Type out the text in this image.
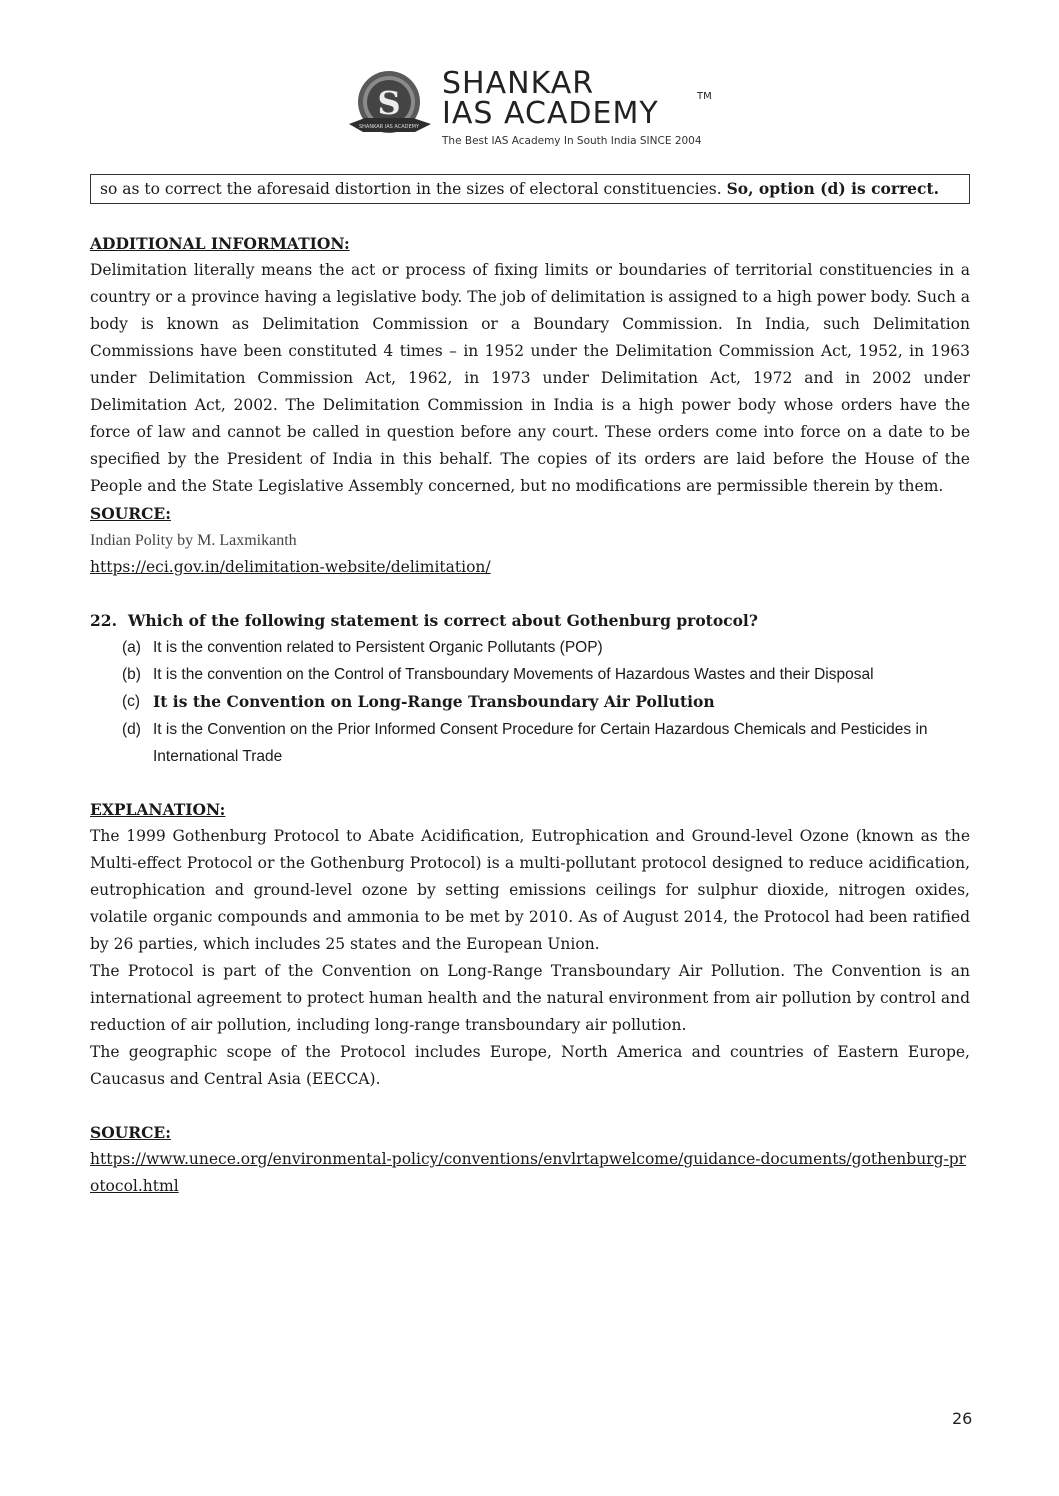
S
SHANKAR IAS ACADEMY
SHANKAR
IAS ACADEMY	TM
The Best IAS Academy In South India SINCE 2004
so as to correct the aforesaid distortion in the sizes of electoral constituencies. So, option (d) is correct.

ADDITIONAL INFORMATION:

Delimitation literally means the act or process of fixing limits or boundaries of territorial constituencies in a country or a province having a legislative body. The job of delimitation is assigned to a high power body. Such a body is known as Delimitation Commission or a Boundary Commission. In India, such Delimitation Commissions have been constituted 4 times – in 1952 under the Delimitation Commission Act, 1952, in 1963 under Delimitation Commission Act, 1962, in 1973 under Delimitation Act, 1972 and in 2002 under Delimitation Act, 2002. The Delimitation Commission in India is a high power body whose orders have the force of law and cannot be called in question before any court. These orders come into force on a date to be specified by the President of India in this behalf. The copies of its orders are laid before the House of the People and the State Legislative Assembly concerned, but no modifications are permissible therein by them.

SOURCE:

Indian Polity by M. Laxmikanth

https://eci.gov.in/delimitation-website/delimitation/

22. Which of the following statement is correct about Gothenburg protocol?

(a) It is the convention related to Persistent Organic Pollutants (POP)
(b) It is the convention on the Control of Transboundary Movements of Hazardous Wastes and their Disposal
(c) It is the Convention on Long-Range Transboundary Air Pollution
(d) It is the Convention on the Prior Informed Consent Procedure for Certain Hazardous Chemicals and Pesticides in International Trade

EXPLANATION:

The 1999 Gothenburg Protocol to Abate Acidification, Eutrophication and Ground-level Ozone (known as the Multi-effect Protocol or the Gothenburg Protocol) is a multi-pollutant protocol designed to reduce acidification, eutrophication and ground-level ozone by setting emissions ceilings for sulphur dioxide, nitrogen oxides, volatile organic compounds and ammonia to be met by 2010. As of August 2014, the Protocol had been ratified by 26 parties, which includes 25 states and the European Union.

The Protocol is part of the Convention on Long-Range Transboundary Air Pollution. The Convention is an international agreement to protect human health and the natural environment from air pollution by control and reduction of air pollution, including long-range transboundary air pollution.

The geographic scope of the Protocol includes Europe, North America and countries of Eastern Europe, Caucasus and Central Asia (EECCA).

SOURCE:

https://www.unece.org/environmental-policy/conventions/envlrtapwelcome/guidance-documents/gothenburg-protocol.html

26
